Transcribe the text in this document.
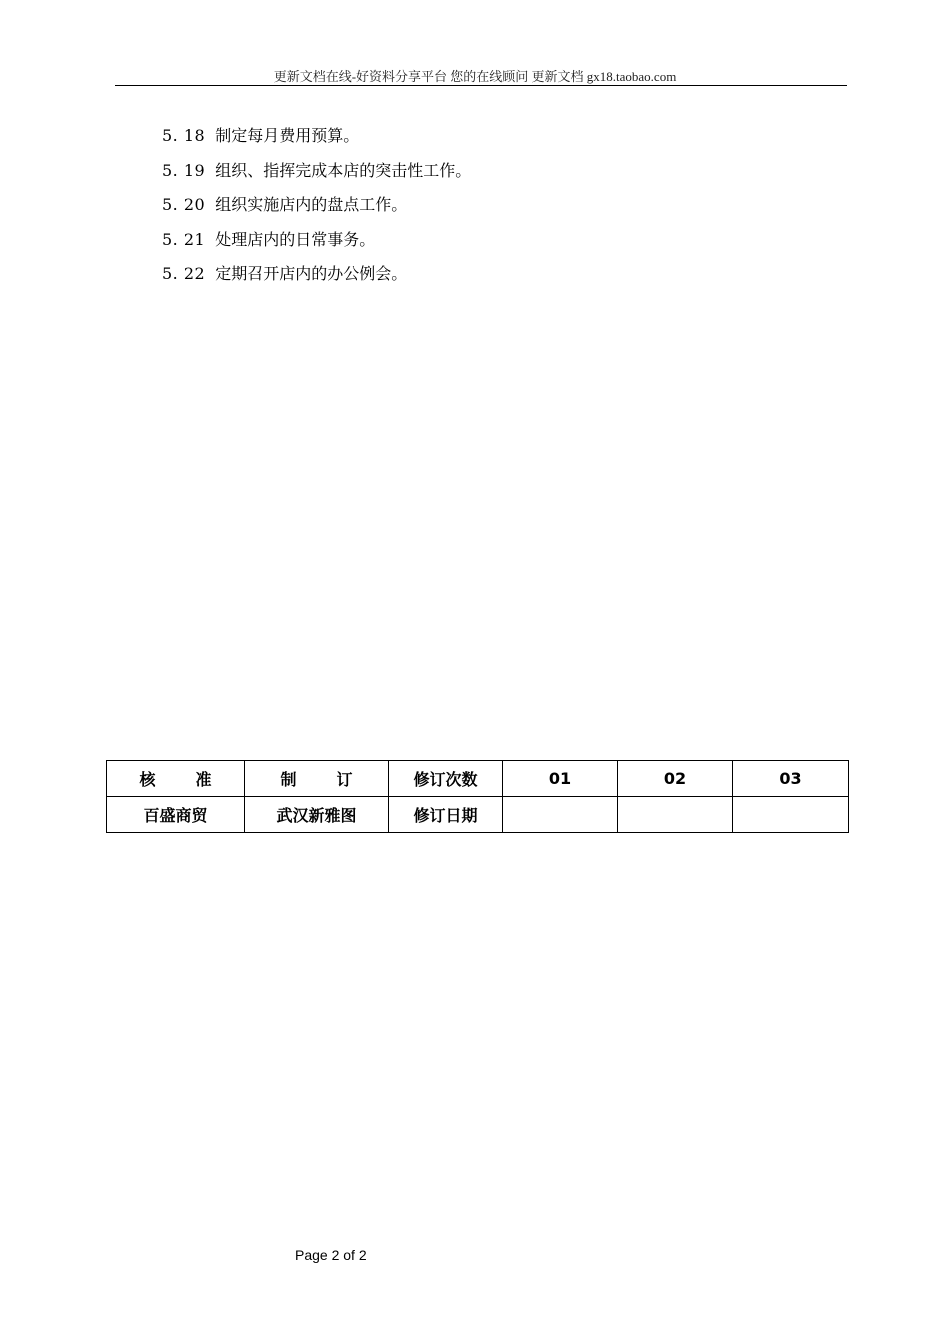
更新文档在线-好资料分享平台 您的在线顾问 更新文档 gx18.taobao.com
5. 18 制定每月费用预算。
5. 19 组织、指挥完成本店的突击性工作。
5. 20 组织实施店内的盘点工作。
5. 21 处理店内的日常事务。
5. 22 定期召开店内的办公例会。
核准	制订	修订次数	01	02	03
百盛商贸	武汉新雅图	修订日期			
Page 2 of 2
